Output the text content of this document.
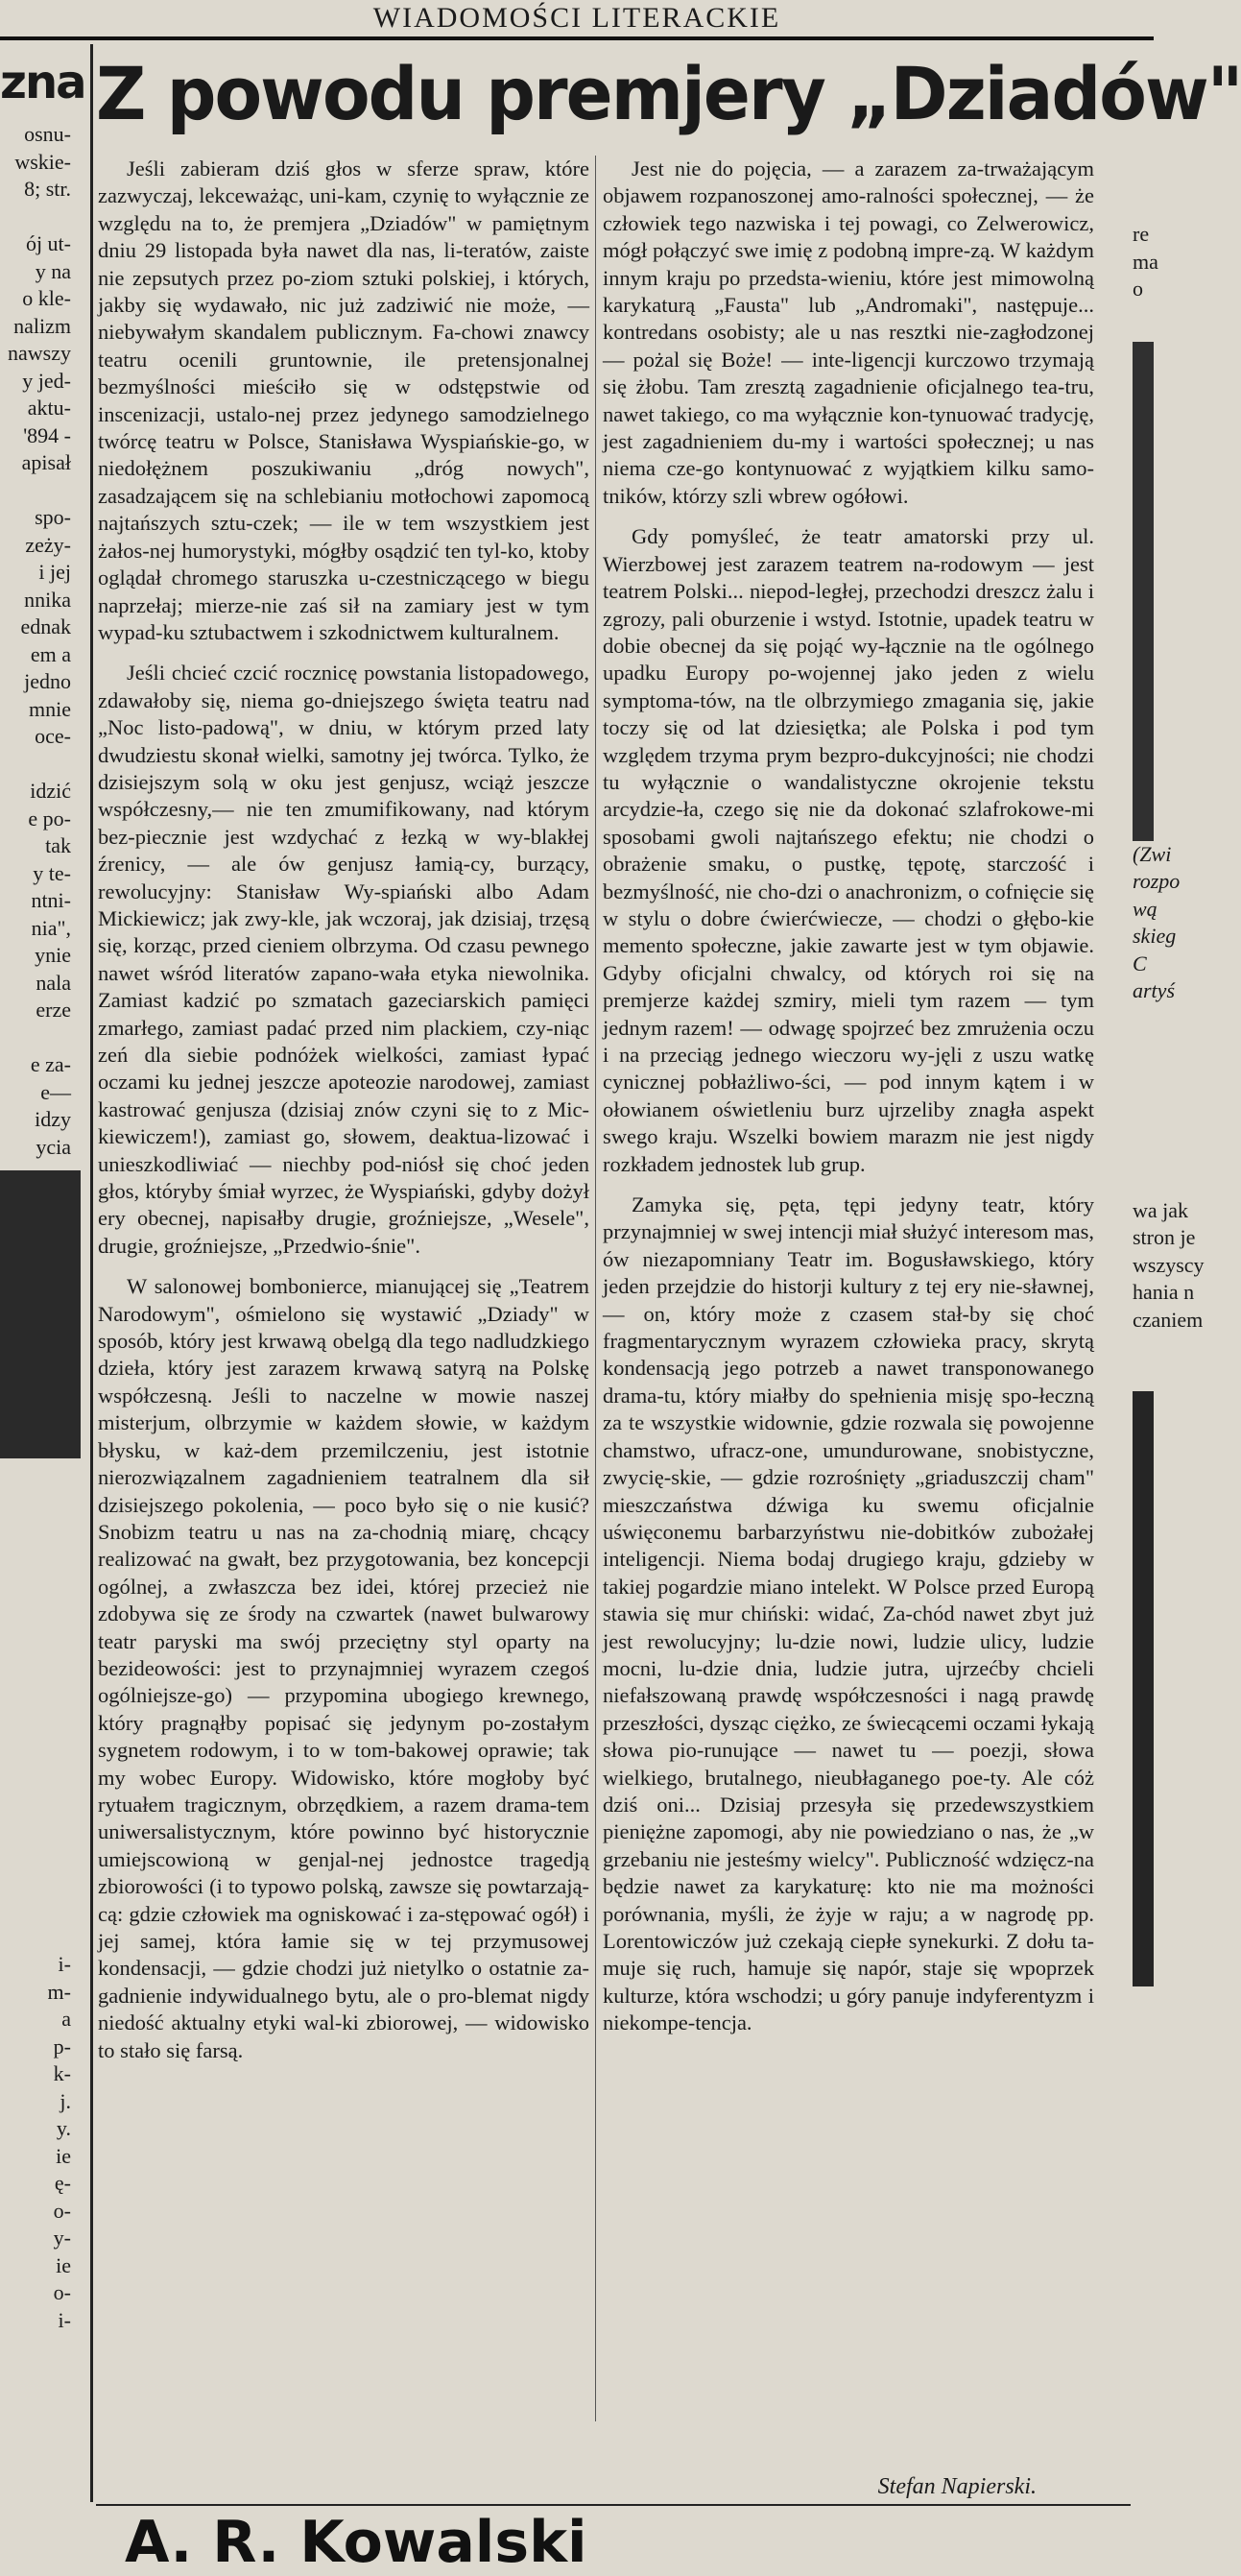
WIADOMOŚCI LITERACKIE
zna
osnu-
wskie-
8; str.

ój ut-
y na
o kle-
nalizm
nawszy
y jed-
aktu-
'894 -
apisał

spo-
zeży-
i jej
nnika
ednak
em a
jedno
mnie
oce-

idzić
e po-
tak
y te-
ntni-
nia",
ynie
nala
erze

e za-
e—
idzy
ycia

i-
m-
a
p-
k-
j.
y.
ie
ę-
o-
y-
ie
o-
i-
Z powodu premjery „Dziadów"

Jeśli zabieram dziś głos w sferze spraw, które zazwyczaj, lekceważąc, uni-kam, czynię to wyłącznie ze względu na to, że premjera „Dziadów" w pamiętnym dniu 29 listopada była nawet dla nas, li-teratów, zaiste nie zepsutych przez po-ziom sztuki polskiej, i których, jakby się wydawało, nic już zadziwić nie może, — niebywałym skandalem publicznym. Fa-chowi znawcy teatru ocenili gruntownie, ile pretensjonalnej bezmyślności mieściło się w odstępstwie od inscenizacji, ustalo-nej przez jedynego samodzielnego twórcę teatru w Polsce, Stanisława Wyspiańskie-go, w niedołężnem poszukiwaniu „dróg nowych", zasadzającem się na schlebianiu motłochowi zapomocą najtańszych sztu-czek; — ile w tem wszystkiem jest żałos-nej humorystyki, mógłby osądzić ten tyl-ko, ktoby oglądał chromego staruszka u-czestniczącego w biegu naprzełaj; mierze-nie zaś sił na zamiary jest w tym wypad-ku sztubactwem i szkodnictwem kulturalnem.

Jeśli chcieć czcić rocznicę powstania listopadowego, zdawałoby się, niema go-dniejszego święta teatru nad „Noc listo-padową", w dniu, w którym przed laty dwudziestu skonał wielki, samotny jej twórca. Tylko, że dzisiejszym solą w oku jest genjusz, wciąż jeszcze współczesny,— nie ten zmumifikowany, nad którym bez-piecznie jest wzdychać z łezką w wy-blakłej źrenicy, — ale ów genjusz łamią-cy, burzący, rewolucyjny: Stanisław Wy-spiański albo Adam Mickiewicz; jak zwy-kle, jak wczoraj, jak dzisiaj, trzęsą się, korząc, przed cieniem olbrzyma. Od czasu pewnego nawet wśród literatów zapano-wała etyka niewolnika. Zamiast kadzić po szmatach gazeciarskich pamięci zmarłego, zamiast padać przed nim plackiem, czy-niąc zeń dla siebie podnóżek wielkości, zamiast łypać oczami ku jednej jeszcze apoteozie narodowej, zamiast kastrować genjusza (dzisiaj znów czyni się to z Mic-kiewiczem!), zamiast go, słowem, deaktua-lizować i unieszkodliwiać — niechby pod-niósł się choć jeden głos, któryby śmiał wyrzec, że Wyspiański, gdyby dożył ery obecnej, napisałby drugie, groźniejsze, „Wesele", drugie, groźniejsze, „Przedwio-śnie".

W salonowej bombonierce, mianującej się „Teatrem Narodowym", ośmielono się wystawić „Dziady" w sposób, który jest krwawą obelgą dla tego nadludzkiego dzieła, który jest zarazem krwawą satyrą na Polskę współczesną. Jeśli to naczelne w mowie naszej misterjum, olbrzymie w każdem słowie, w każdym błysku, w każ-dem przemilczeniu, jest istotnie nierozwiązalnem zagadnieniem teatralnem dla sił dzisiejszego pokolenia, — poco było się o nie kusić? Snobizm teatru u nas na za-chodnią miarę, chcący realizować na gwałt, bez przygotowania, bez koncepcji ogólnej, a zwłaszcza bez idei, której przecież nie zdobywa się ze środy na czwartek (nawet bulwarowy teatr paryski ma swój przeciętny styl oparty na bezideowości: jest to przynajmniej wyrazem czegoś ogólniejsze-go) — przypomina ubogiego krewnego, który pragnąłby popisać się jedynym po-zostałym sygnetem rodowym, i to w tom-bakowej oprawie; tak my wobec Europy. Widowisko, które mogłoby być rytuałem tragicznym, obrzędkiem, a razem drama-tem uniwersalistycznym, które powinno być historycznie umiejscowioną w genjal-nej jednostce tragedją zbiorowości (i to typowo polską, zawsze się powtarzają-cą: gdzie człowiek ma ogniskować i za-stępować ogół) i jej samej, która łamie się w tej przymusowej kondensacji, — gdzie chodzi już nietylko o ostatnie za-gadnienie indywidualnego bytu, ale o pro-blemat nigdy niedość aktualny etyki wal-ki zbiorowej, — widowisko to stało się farsą.

Jest nie do pojęcia, — a zarazem za-trważającym objawem rozpanoszonej amo-ralności społecznej, — że człowiek tego nazwiska i tej powagi, co Zelwerowicz, mógł połączyć swe imię z podobną impre-zą. W każdym innym kraju po przedsta-wieniu, które jest mimowolną karykaturą „Fausta" lub „Andromaki", następuje... kontredans osobisty; ale u nas resztki nie-zagłodzonej — pożal się Boże! — inte-ligencji kurczowo trzymają się żłobu. Tam zresztą zagadnienie oficjalnego tea-tru, nawet takiego, co ma wyłącznie kon-tynuować tradycję, jest zagadnieniem du-my i wartości społecznej; u nas niema cze-go kontynuować z wyjątkiem kilku samo-tników, którzy szli wbrew ogółowi.

Gdy pomyśleć, że teatr amatorski przy ul. Wierzbowej jest zarazem teatrem na-rodowym — jest teatrem Polski... niepod-ległej, przechodzi dreszcz żalu i zgrozy, pali oburzenie i wstyd. Istotnie, upadek teatru w dobie obecnej da się pojąć wy-łącznie na tle ogólnego upadku Europy po-wojennej jako jeden z wielu symptoma-tów, na tle olbrzymiego zmagania się, jakie toczy się od lat dziesiętka; ale Polska i pod tym względem trzyma prym bezpro-dukcyjności; nie chodzi tu wyłącznie o wandalistyczne okrojenie tekstu arcydzie-ła, czego się nie da dokonać szlafrokowe-mi sposobami gwoli najtańszego efektu; nie chodzi o obrażenie smaku, o pustkę, tępotę, starczość i bezmyślność, nie cho-dzi o anachronizm, o cofnięcie się w stylu o dobre ćwierćwiecze, — chodzi o głębo-kie memento społeczne, jakie zawarte jest w tym objawie. Gdyby oficjalni chwalcy, od których roi się na premjerze każdej szmiry, mieli tym razem — tym jednym razem! — odwagę spojrzeć bez zmrużenia oczu i na przeciąg jednego wieczoru wy-jęli z uszu watkę cynicznej pobłażliwo-ści, — pod innym kątem i w ołowianem oświetleniu burz ujrzeliby znagła aspekt swego kraju. Wszelki bowiem marazm nie jest nigdy rozkładem jednostek lub grup.

Zamyka się, pęta, tępi jedyny teatr, który przynajmniej w swej intencji miał służyć interesom mas, ów niezapomniany Teatr im. Bogusławskiego, który jeden przejdzie do historji kultury z tej ery nie-sławnej, — on, który może z czasem stał-by się choć fragmentarycznym wyrazem człowieka pracy, skrytą kondensacją jego potrzeb a nawet transponowanego drama-tu, który miałby do spełnienia misję spo-łeczną za te wszystkie widownie, gdzie rozwala się powojenne chamstwo, ufracz-one, umundurowane, snobistyczne, zwycię-skie, — gdzie rozrośnięty „griaduszczij cham" mieszczaństwa dźwiga ku swemu oficjalnie uświęconemu barbarzyństwu nie-dobitków zubożałej inteligencji. Niema bodaj drugiego kraju, gdzieby w takiej pogardzie miano intelekt. W Polsce przed Europą stawia się mur chiński: widać, Za-chód nawet zbyt już jest rewolucyjny; lu-dzie nowi, ludzie ulicy, ludzie mocni, lu-dzie dnia, ludzie jutra, ujrzećby chcieli niefałszowaną prawdę współczesności i nagą prawdę przeszłości, dysząc ciężko, ze świecącemi oczami łykają słowa pio-runujące — nawet tu — poezji, słowa wielkiego, brutalnego, nieubłaganego poe-ty. Ale cóż dziś oni... Dzisiaj przesyła się przedewszystkiem pieniężne zapomogi, aby nie powiedziano o nas, że „w grzebaniu nie jesteśmy wielcy". Publiczność wdzięcz-na będzie nawet za karykaturę: kto nie ma możności porównania, myśli, że żyje w raju; a w nagrodę pp. Lorentowiczów już czekają ciepłe synekurki. Z dołu ta-muje się ruch, hamuje się napór, staje się wpoprzek kulturze, która wschodzi; u góry panuje indyferentyzm i niekompe-tencja.

Stefan Napierski.
re
ma
o
(Zwi
rozpo
wą
skieg
C
artyś
wa jak
stron je
wszyscy
hania n
czaniem
A. R. Kowalski
